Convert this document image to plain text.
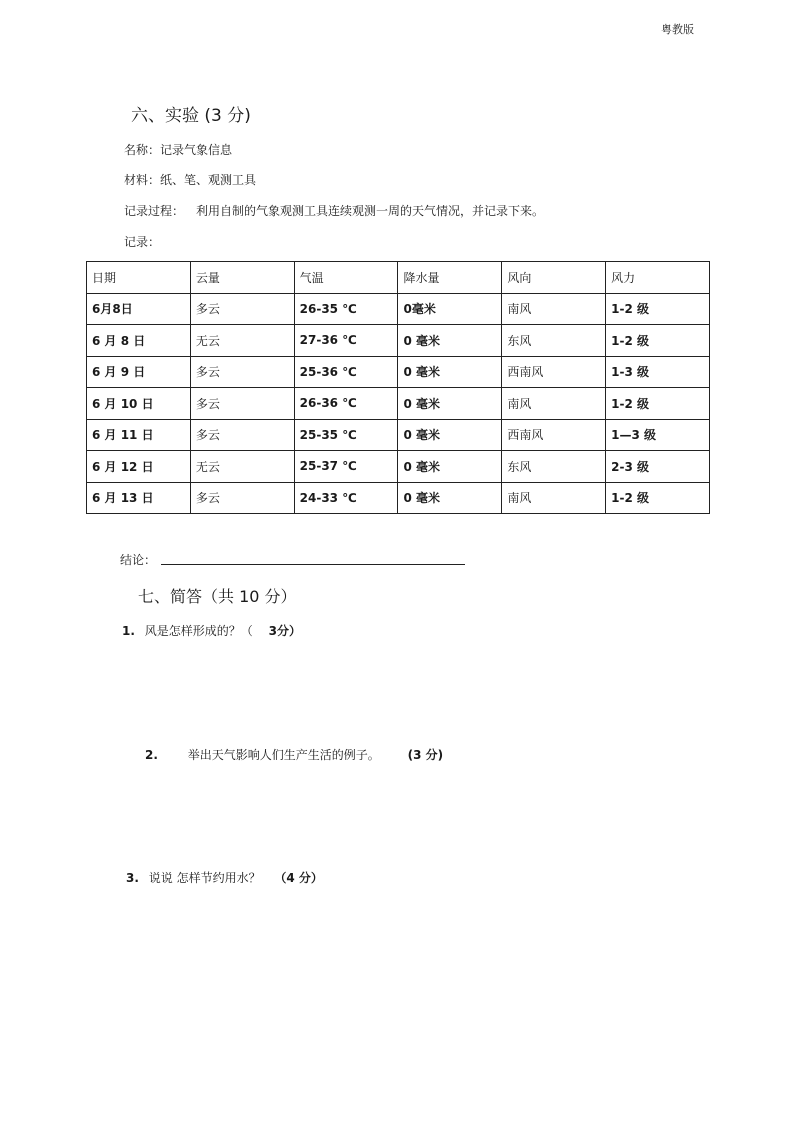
粤教版
六、实验 (3 分)
名称：记录气象信息
材料：纸、笔、观测工具
记录过程： 利用自制的气象观测工具连续观测一周的天气情况，并记录下来。
记录：
日期	云量	气温	降水量	风向	风力
6月8日	多云	26-35 ℃	0毫米	南风	1-2 级
6 月 8 日	无云	27-36 ℃	0 毫米	东风	1-2 级
6 月 9 日	多云	25-36 ℃	0 毫米	西南风	1-3 级
6 月 10 日	多云	26-36 ℃	0 毫米	南风	1-2 级
6 月 11 日	多云	25-35 ℃	0 毫米	西南风	1—3 级
6 月 12 日	无云	25-37 ℃	0 毫米	东风	2-3 级
6 月 13 日	多云	24-33 ℃	0 毫米	南风	1-2 级
结论：
七、简答（共 10 分）
1. 风是怎样形成的？（ 3分）
2. 举出天气影响人们生产生活的例子。 (3 分)
3. 说说 怎样节约用水？ （4 分）
